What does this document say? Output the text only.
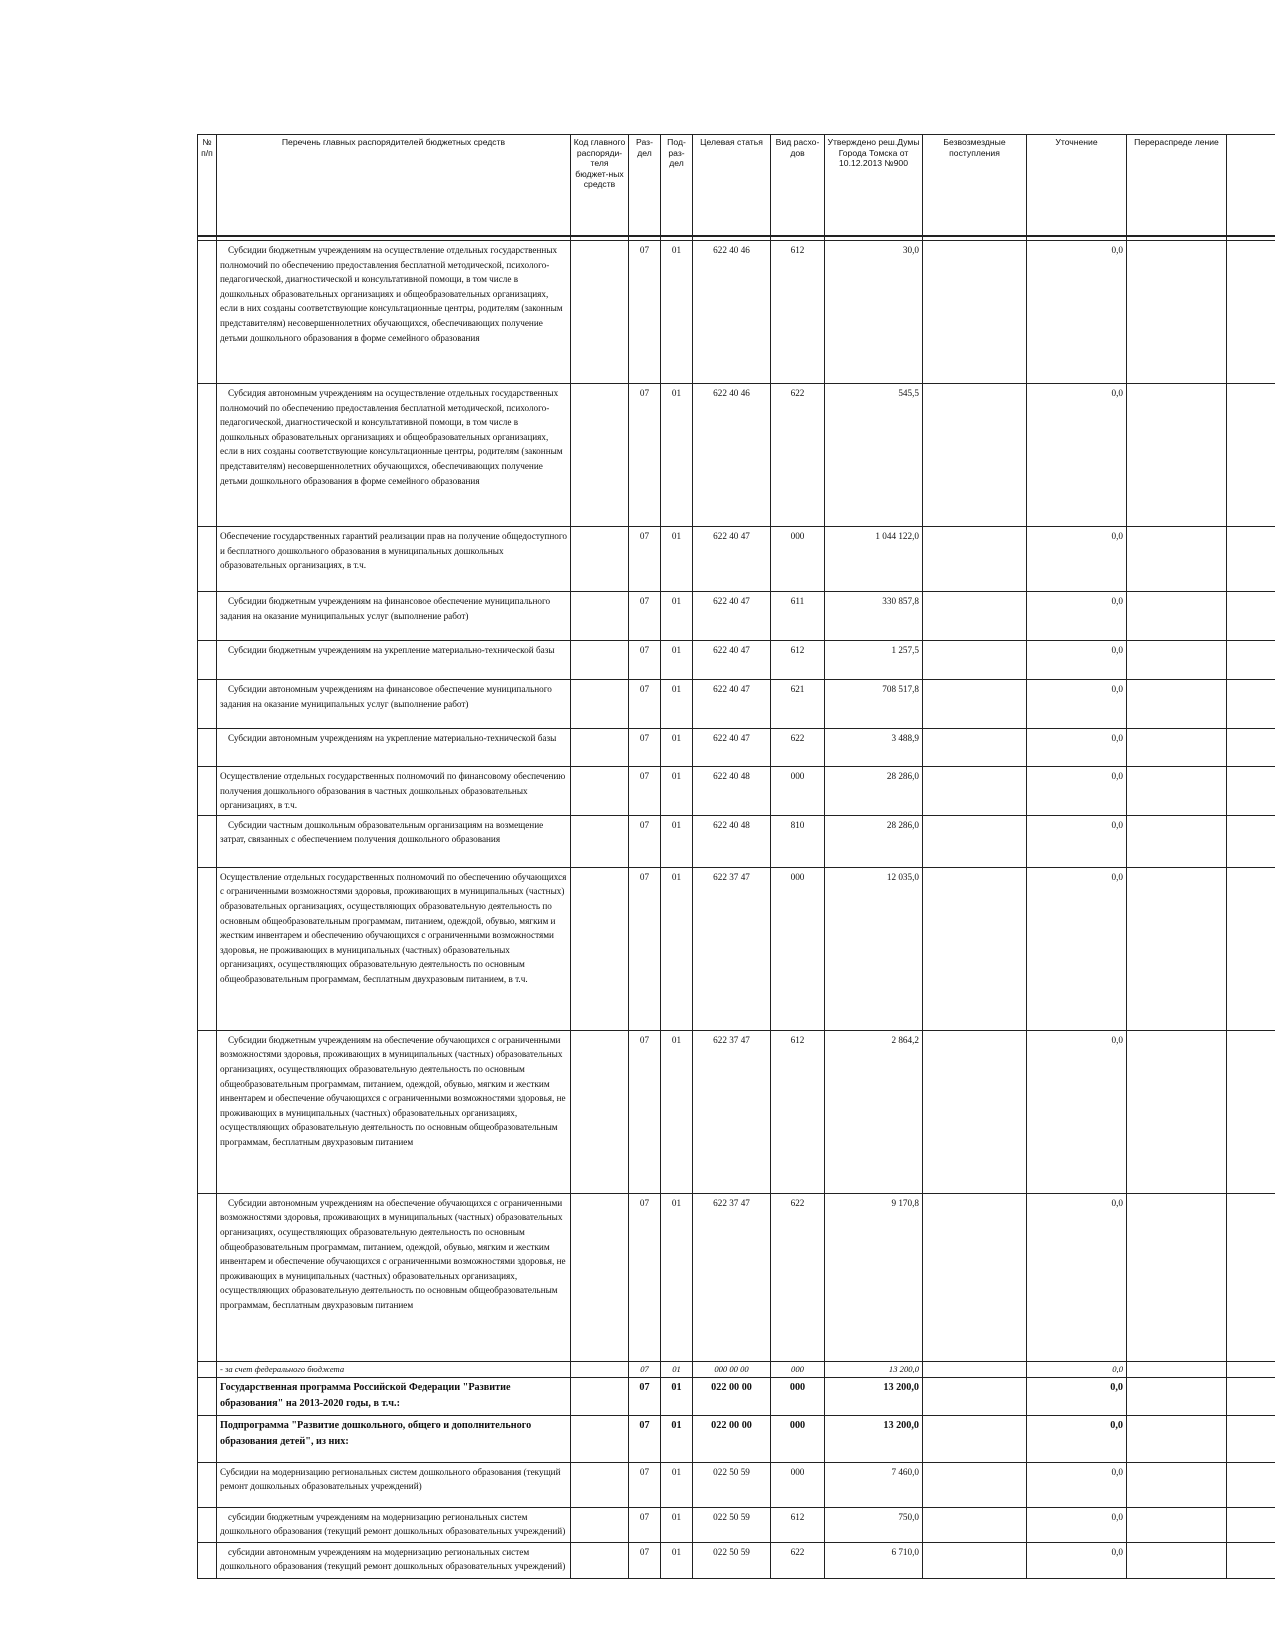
№ п/п	Перечень главных распорядителей бюджетных средств	Код главного распоряди-теля бюджет-ных средств	Раз-дел	Под-раз-дел	Целевая статья	Вид расхо-дов	Утверждено реш.Думы Города Томска от 10.12.2013 №900	Безвозмездные поступления	Уточнение	Перераспреде ление	

	Субсидии бюджетным учреждениям на осуществление отдельных государственных полномочий по обеспечению предоставления бесплатной методической, психолого-педагогической, диагностической и консультативной помощи, в том числе в дошкольных образовательных организациях и общеобразовательных организациях, если в них созданы соответствующие консультационные центры, родителям (законным представителям) несовершеннолетних обучающихся, обеспечивающих получение детьми дошкольного образования в форме семейного образования		07	01	622 40 46	612	30,0		0,0		
	Субсидия автономным учреждениям на осуществление отдельных государственных полномочий по обеспечению предоставления бесплатной методической, психолого-педагогической, диагностической и консультативной помощи, в том числе в дошкольных образовательных организациях и общеобразовательных организациях, если в них созданы соответствующие консультационные центры, родителям (законным представителям) несовершеннолетних обучающихся, обеспечивающих получение детьми дошкольного образования в форме семейного образования		07	01	622 40 46	622	545,5		0,0		
	Обеспечение государственных гарантий реализации прав на получение общедоступного и бесплатного дошкольного образования в муниципальных дошкольных образовательных организациях, в т.ч.		07	01	622 40 47	000	1 044 122,0		0,0		
	Субсидии бюджетным учреждениям на финансовое обеспечение муниципального задания на оказание муниципальных услуг (выполнение работ)		07	01	622 40 47	611	330 857,8		0,0		
	Субсидии бюджетным учреждениям на укрепление материально-технической базы		07	01	622 40 47	612	1 257,5		0,0		
	Субсидии автономным учреждениям на финансовое обеспечение муниципального задания на оказание муниципальных услуг (выполнение работ)		07	01	622 40 47	621	708 517,8		0,0		
	Субсидии автономным учреждениям на укрепление материально-технической базы		07	01	622 40 47	622	3 488,9		0,0		
	Осуществление отдельных государственных полномочий по финансовому обеспечению получения дошкольного образования в частных дошкольных образовательных организациях, в т.ч.		07	01	622 40 48	000	28 286,0		0,0		
	Субсидии частным дошкольным образовательным организациям на возмещение затрат, связанных с обеспечением получения дошкольного образования		07	01	622 40 48	810	28 286,0		0,0		
	Осуществление отдельных государственных полномочий по обеспечению обучающихся с ограниченными возможностями здоровья, проживающих в муниципальных (частных) образовательных организациях, осуществляющих образовательную деятельность по основным общеобразовательным программам, питанием, одеждой, обувью, мягким и жестким инвентарем и обеспечению обучающихся с ограниченными возможностями здоровья, не проживающих в муниципальных (частных) образовательных организациях, осуществляющих образовательную деятельность по основным общеобразовательным программам, бесплатным двухразовым питанием, в т.ч.		07	01	622 37 47	000	12 035,0		0,0		
	Субсидии бюджетным учреждениям на обеспечение обучающихся с ограниченными возможностями здоровья, проживающих в муниципальных (частных) образовательных организациях, осуществляющих образовательную деятельность по основным общеобразовательным программам, питанием, одеждой, обувью, мягким и жестким инвентарем и обеспечение обучающихся с ограниченными возможностями здоровья, не проживающих в муниципальных (частных) образовательных организациях, осуществляющих образовательную деятельность по основным общеобразовательным программам, бесплатным двухразовым питанием		07	01	622 37 47	612	2 864,2		0,0		
	Субсидии автономным учреждениям на обеспечение обучающихся с ограниченными возможностями здоровья, проживающих в муниципальных (частных) образовательных организациях, осуществляющих образовательную деятельность по основным общеобразовательным программам, питанием, одеждой, обувью, мягким и жестким инвентарем и обеспечение обучающихся с ограниченными возможностями здоровья, не проживающих в муниципальных (частных) образовательных организациях, осуществляющих образовательную деятельность по основным общеобразовательным программам, бесплатным двухразовым питанием		07	01	622 37 47	622	9 170,8		0,0		
	- за счет федерального бюджета		07	01	000 00 00	000	13 200,0		0,0		
	Государственная программа Российской Федерации "Развитие образования" на 2013-2020 годы, в т.ч.:		07	01	022 00 00	000	13 200,0		0,0		
	Подпрограмма "Развитие дошкольного, общего и дополнительного образования детей", из них:		07	01	022 00 00	000	13 200,0		0,0		
	Субсидии на модернизацию региональных систем дошкольного образования (текущий ремонт дошкольных образовательных учреждений)		07	01	022 50 59	000	7 460,0		0,0		
	субсидии бюджетным учреждениям на модернизацию региональных систем дошкольного образования (текущий ремонт дошкольных образовательных учреждений)		07	01	022 50 59	612	750,0		0,0		
	субсидии автономным учреждениям на модернизацию региональных систем дошкольного образования (текущий ремонт дошкольных образовательных учреждений)		07	01	022 50 59	622	6 710,0		0,0		
